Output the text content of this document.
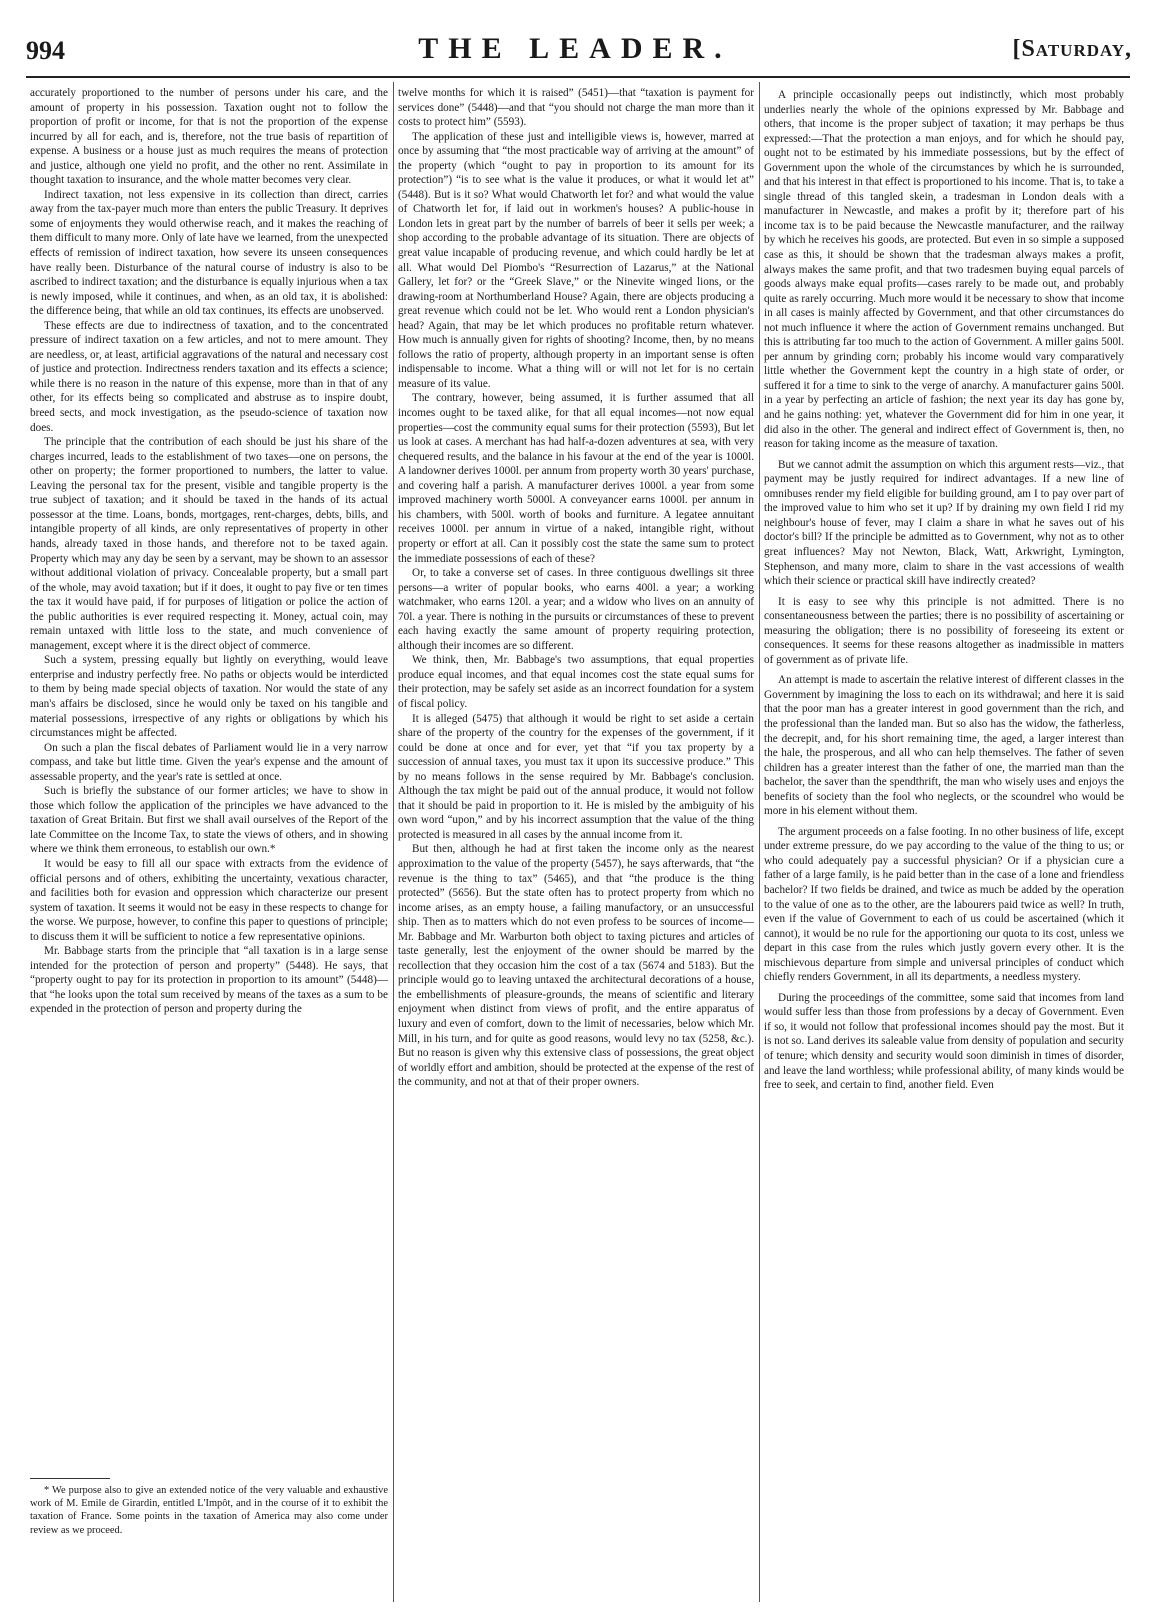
994	THE LEADER.	[Saturday,

accurately proportioned to the number of persons under his care, and the amount of property in his possession. Taxation ought not to follow the proportion of profit or income, for that is not the proportion of the expense incurred by all for each, and is, therefore, not the true basis of repartition of expense. A business or a house just as much requires the means of protection and justice, although one yield no profit, and the other no rent. Assimilate in thought taxation to insurance, and the whole matter becomes very clear.

Indirect taxation, not less expensive in its collection than direct, carries away from the tax-payer much more than enters the public Treasury. It deprives some of enjoyments they would otherwise reach, and it makes the reaching of them difficult to many more. Only of late have we learned, from the unexpected effects of remission of indirect taxation, how severe its unseen consequences have really been. Disturbance of the natural course of industry is also to be ascribed to indirect taxation; and the disturbance is equally injurious when a tax is newly imposed, while it continues, and when, as an old tax, it is abolished: the difference being, that while an old tax continues, its effects are unobserved.

These effects are due to indirectness of taxation, and to the concentrated pressure of indirect taxation on a few articles, and not to mere amount. They are needless, or, at least, artificial aggravations of the natural and necessary cost of justice and protection. Indirectness renders taxation and its effects a science; while there is no reason in the nature of this expense, more than in that of any other, for its effects being so complicated and abstruse as to inspire doubt, breed sects, and mock investigation, as the pseudo-science of taxation now does.

The principle that the contribution of each should be just his share of the charges incurred, leads to the establishment of two taxes—one on persons, the other on property; the former proportioned to numbers, the latter to value. Leaving the personal tax for the present, visible and tangible property is the true subject of taxation; and it should be taxed in the hands of its actual possessor at the time. Loans, bonds, mortgages, rent-charges, debts, bills, and intangible property of all kinds, are only representatives of property in other hands, already taxed in those hands, and therefore not to be taxed again. Property which may any day be seen by a servant, may be shown to an assessor without additional violation of privacy. Concealable property, but a small part of the whole, may avoid taxation; but if it does, it ought to pay five or ten times the tax it would have paid, if for purposes of litigation or police the action of the public authorities is ever required respecting it. Money, actual coin, may remain untaxed with little loss to the state, and much convenience of management, except where it is the direct object of commerce.

Such a system, pressing equally but lightly on everything, would leave enterprise and industry perfectly free. No paths or objects would be interdicted to them by being made special objects of taxation. Nor would the state of any man's affairs be disclosed, since he would only be taxed on his tangible and material possessions, irrespective of any rights or obligations by which his circumstances might be affected.

On such a plan the fiscal debates of Parliament would lie in a very narrow compass, and take but little time. Given the year's expense and the amount of assessable property, and the year's rate is settled at once.

Such is briefly the substance of our former articles; we have to show in those which follow the application of the principles we have advanced to the taxation of Great Britain. But first we shall avail ourselves of the Report of the late Committee on the Income Tax, to state the views of others, and in showing where we think them erroneous, to establish our own.*

It would be easy to fill all our space with extracts from the evidence of official persons and of others, exhibiting the uncertainty, vexatious character, and facilities both for evasion and oppression which characterize our present system of taxation. It seems it would not be easy in these respects to change for the worse. We purpose, however, to confine this paper to questions of principle; to discuss them it will be sufficient to notice a few representative opinions.

Mr. Babbage starts from the principle that “all taxation is in a large sense intended for the protection of person and property” (5448). He says, that “property ought to pay for its protection in proportion to its amount” (5448)—that “he looks upon the total sum received by means of the taxes as a sum to be expended in the protection of person and property during the

* We purpose also to give an extended notice of the very valuable and exhaustive work of M. Emile de Girardin, entitled L'Impôt, and in the course of it to exhibit the taxation of France. Some points in the taxation of America may also come under review as we proceed.

twelve months for which it is raised” (5451)—that “taxation is payment for services done” (5448)—and that “you should not charge the man more than it costs to protect him” (5593).

The application of these just and intelligible views is, however, marred at once by assuming that “the most practicable way of arriving at the amount” of the property (which “ought to pay in proportion to its amount for its protection”) “is to see what is the value it produces, or what it would let at” (5448). But is it so? What would Chatworth let for? and what would the value of Chatworth let for, if laid out in workmen's houses? A public-house in London lets in great part by the number of barrels of beer it sells per week; a shop according to the probable advantage of its situation. There are objects of great value incapable of producing revenue, and which could hardly be let at all. What would Del Piombo's “Resurrection of Lazarus,” at the National Gallery, let for? or the “Greek Slave,” or the Ninevite winged lions, or the drawing-room at Northumberland House? Again, there are objects producing a great revenue which could not be let. Who would rent a London physician's head? Again, that may be let which produces no profitable return whatever. How much is annually given for rights of shooting? Income, then, by no means follows the ratio of property, although property in an important sense is often indispensable to income. What a thing will or will not let for is no certain measure of its value.

The contrary, however, being assumed, it is further assumed that all incomes ought to be taxed alike, for that all equal incomes—not now equal properties—cost the community equal sums for their protection (5593), But let us look at cases. A merchant has had half-a-dozen adventures at sea, with very chequered results, and the balance in his favour at the end of the year is 1000l. A landowner derives 1000l. per annum from property worth 30 years' purchase, and covering half a parish. A manufacturer derives 1000l. a year from some improved machinery worth 5000l. A conveyancer earns 1000l. per annum in his chambers, with 500l. worth of books and furniture. A legatee annuitant receives 1000l. per annum in virtue of a naked, intangible right, without property or effort at all. Can it possibly cost the state the same sum to protect the immediate possessions of each of these?

Or, to take a converse set of cases. In three contiguous dwellings sit three persons—a writer of popular books, who earns 400l. a year; a working watchmaker, who earns 120l. a year; and a widow who lives on an annuity of 70l. a year. There is nothing in the pursuits or circumstances of these to prevent each having exactly the same amount of property requiring protection, although their incomes are so different.

We think, then, Mr. Babbage's two assumptions, that equal properties produce equal incomes, and that equal incomes cost the state equal sums for their protection, may be safely set aside as an incorrect foundation for a system of fiscal policy.

It is alleged (5475) that although it would be right to set aside a certain share of the property of the country for the expenses of the government, if it could be done at once and for ever, yet that “if you tax property by a succession of annual taxes, you must tax it upon its successive produce.” This by no means follows in the sense required by Mr. Babbage's conclusion. Although the tax might be paid out of the annual produce, it would not follow that it should be paid in proportion to it. He is misled by the ambiguity of his own word “upon,” and by his incorrect assumption that the value of the thing protected is measured in all cases by the annual income from it.

But then, although he had at first taken the income only as the nearest approximation to the value of the property (5457), he says afterwards, that “the revenue is the thing to tax” (5465), and that “the produce is the thing protected” (5656). But the state often has to protect property from which no income arises, as an empty house, a failing manufactory, or an unsuccessful ship. Then as to matters which do not even profess to be sources of income—Mr. Babbage and Mr. Warburton both object to taxing pictures and articles of taste generally, lest the enjoyment of the owner should be marred by the recollection that they occasion him the cost of a tax (5674 and 5183). But the principle would go to leaving untaxed the architectural decorations of a house, the embellishments of pleasure-grounds, the means of scientific and literary enjoyment when distinct from views of profit, and the entire apparatus of luxury and even of comfort, down to the limit of necessaries, below which Mr. Mill, in his turn, and for quite as good reasons, would levy no tax (5258, &c.). But no reason is given why this extensive class of possessions, the great object of worldly effort and ambition, should be protected at the expense of the rest of the community, and not at that of their proper owners.

A principle occasionally peeps out indistinctly, which most probably underlies nearly the whole of the opinions expressed by Mr. Babbage and others, that income is the proper subject of taxation; it may perhaps be thus expressed:—That the protection a man enjoys, and for which he should pay, ought not to be estimated by his immediate possessions, but by the effect of Government upon the whole of the circumstances by which he is surrounded, and that his interest in that effect is proportioned to his income. That is, to take a single thread of this tangled skein, a tradesman in London deals with a manufacturer in Newcastle, and makes a profit by it; therefore part of his income tax is to be paid because the Newcastle manufacturer, and the railway by which he receives his goods, are protected. But even in so simple a supposed case as this, it should be shown that the tradesman always makes a profit, always makes the same profit, and that two tradesmen buying equal parcels of goods always make equal profits—cases rarely to be made out, and probably quite as rarely occurring. Much more would it be necessary to show that income in all cases is mainly affected by Government, and that other circumstances do not much influence it where the action of Government remains unchanged. But this is attributing far too much to the action of Government. A miller gains 500l. per annum by grinding corn; probably his income would vary comparatively little whether the Government kept the country in a high state of order, or suffered it for a time to sink to the verge of anarchy. A manufacturer gains 500l. in a year by perfecting an article of fashion; the next year its day has gone by, and he gains nothing: yet, whatever the Government did for him in one year, it did also in the other. The general and indirect effect of Government is, then, no reason for taking income as the measure of taxation.

But we cannot admit the assumption on which this argument rests—viz., that payment may be justly required for indirect advantages. If a new line of omnibuses render my field eligible for building ground, am I to pay over part of the improved value to him who set it up? If by draining my own field I rid my neighbour's house of fever, may I claim a share in what he saves out of his doctor's bill? If the principle be admitted as to Government, why not as to other great influences? May not Newton, Black, Watt, Arkwright, Lymington, Stephenson, and many more, claim to share in the vast accessions of wealth which their science or practical skill have indirectly created?

It is easy to see why this principle is not admitted. There is no consentaneousness between the parties; there is no possibility of ascertaining or measuring the obligation; there is no possibility of foreseeing its extent or consequences. It seems for these reasons altogether as inadmissible in matters of government as of private life.

An attempt is made to ascertain the relative interest of different classes in the Government by imagining the loss to each on its withdrawal; and here it is said that the poor man has a greater interest in good government than the rich, and the professional than the landed man. But so also has the widow, the fatherless, the decrepit, and, for his short remaining time, the aged, a larger interest than the hale, the prosperous, and all who can help themselves. The father of seven children has a greater interest than the father of one, the married man than the bachelor, the saver than the spendthrift, the man who wisely uses and enjoys the benefits of society than the fool who neglects, or the scoundrel who would be more in his element without them.

The argument proceeds on a false footing. In no other business of life, except under extreme pressure, do we pay according to the value of the thing to us; or who could adequately pay a successful physician? Or if a physician cure a father of a large family, is he paid better than in the case of a lone and friendless bachelor? If two fields be drained, and twice as much be added by the operation to the value of one as to the other, are the labourers paid twice as well? In truth, even if the value of Government to each of us could be ascertained (which it cannot), it would be no rule for the apportioning our quota to its cost, unless we depart in this case from the rules which justly govern every other. It is the mischievous departure from simple and universal principles of conduct which chiefly renders Government, in all its departments, a needless mystery.

During the proceedings of the committee, some said that incomes from land would suffer less than those from professions by a decay of Government. Even if so, it would not follow that professional incomes should pay the most. But it is not so. Land derives its saleable value from density of population and security of tenure; which density and security would soon diminish in times of disorder, and leave the land worthless; while professional ability, of many kinds would be free to seek, and certain to find, another field. Even
